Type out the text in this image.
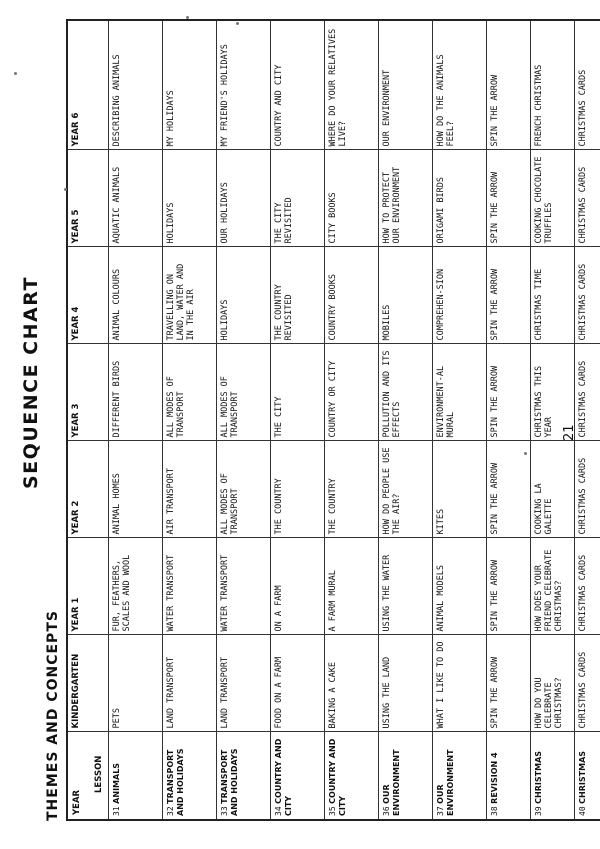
THEMES AND CONCEPTS
SEQUENCE CHART
YEAR
LESSON	KINDERGARTEN	YEAR 1	YEAR 2	YEAR 3	YEAR 4	YEAR 5	YEAR 6
31 ANIMALS	PETS	FUR, FEATHERS, SCALES AND WOOL	ANIMAL HOMES	DIFFERENT BIRDS	ANIMAL COLOURS	AQUATIC ANIMALS	DESCRIBING ANIMALS
32 TRANSPORT AND HOLIDAYS	LAND TRANSPORT	WATER TRANSPORT	AIR TRANSPORT	ALL MODES OF TRANSPORT	TRAVELLING ON LAND, WATER AND IN THE AIR	HOLIDAYS	MY HOLIDAYS
33 TRANSPORT AND HOLIDAYS	LAND TRANSPORT	WATER TRANSPORT	ALL MODES OF TRANSPORT	ALL MODES OF TRANSPORT	HOLIDAYS	OUR HOLIDAYS	MY FRIEND'S HOLIDAYS
34 COUNTRY AND CITY	FOOD ON A FARM	ON A FARM	THE COUNTRY	THE CITY	THE COUNTRY REVISITED	THE CITY REVISITED	COUNTRY AND CITY
35 COUNTRY AND CITY	BAKING A CAKE	A FARM MURAL	THE COUNTRY	COUNTRY OR CITY	COUNTRY BOOKS	CITY BOOKS	WHERE DO YOUR RELATIVES LIVE?
36 OUR ENVIRONMENT	USING THE LAND	USING THE WATER	HOW DO PEOPLE USE THE AIR?	POLLUTION AND ITS EFFECTS	MOBILES	HOW TO PROTECT OUR ENVIRONMENT	OUR ENVIRONMENT
37 OUR ENVIRONMENT	WHAT I LIKE TO DO	ANIMAL MODELS	KITES	ENVIRONMENT-AL MURAL	COMPREHEN-SION	ORIGAMI BIRDS	HOW DO THE ANIMALS FEEL?
38 REVISION 4	SPIN THE ARROW	SPIN THE ARROW	SPIN THE ARROW	SPIN THE ARROW	SPIN THE ARROW	SPIN THE ARROW	SPIN THE ARROW
39 CHRISTMAS	HOW DO YOU CELEBRATE CHRISTMAS?	HOW DOES YOUR FRIEND CELEBRATE CHRISTMAS?	COOKING LA GALETTE	CHRISTMAS THIS YEAR	CHRISTMAS TIME	COOKING CHOCOLATE TRUFFLES	FRENCH CHRISTMAS
40 CHRISTMAS	CHRISTMAS CARDS	CHRISTMAS CARDS	CHRISTMAS CARDS	CHRISTMAS CARDS	CHRISTMAS CARDS	CHRISTMAS CARDS	CHRISTMAS CARDS
21
